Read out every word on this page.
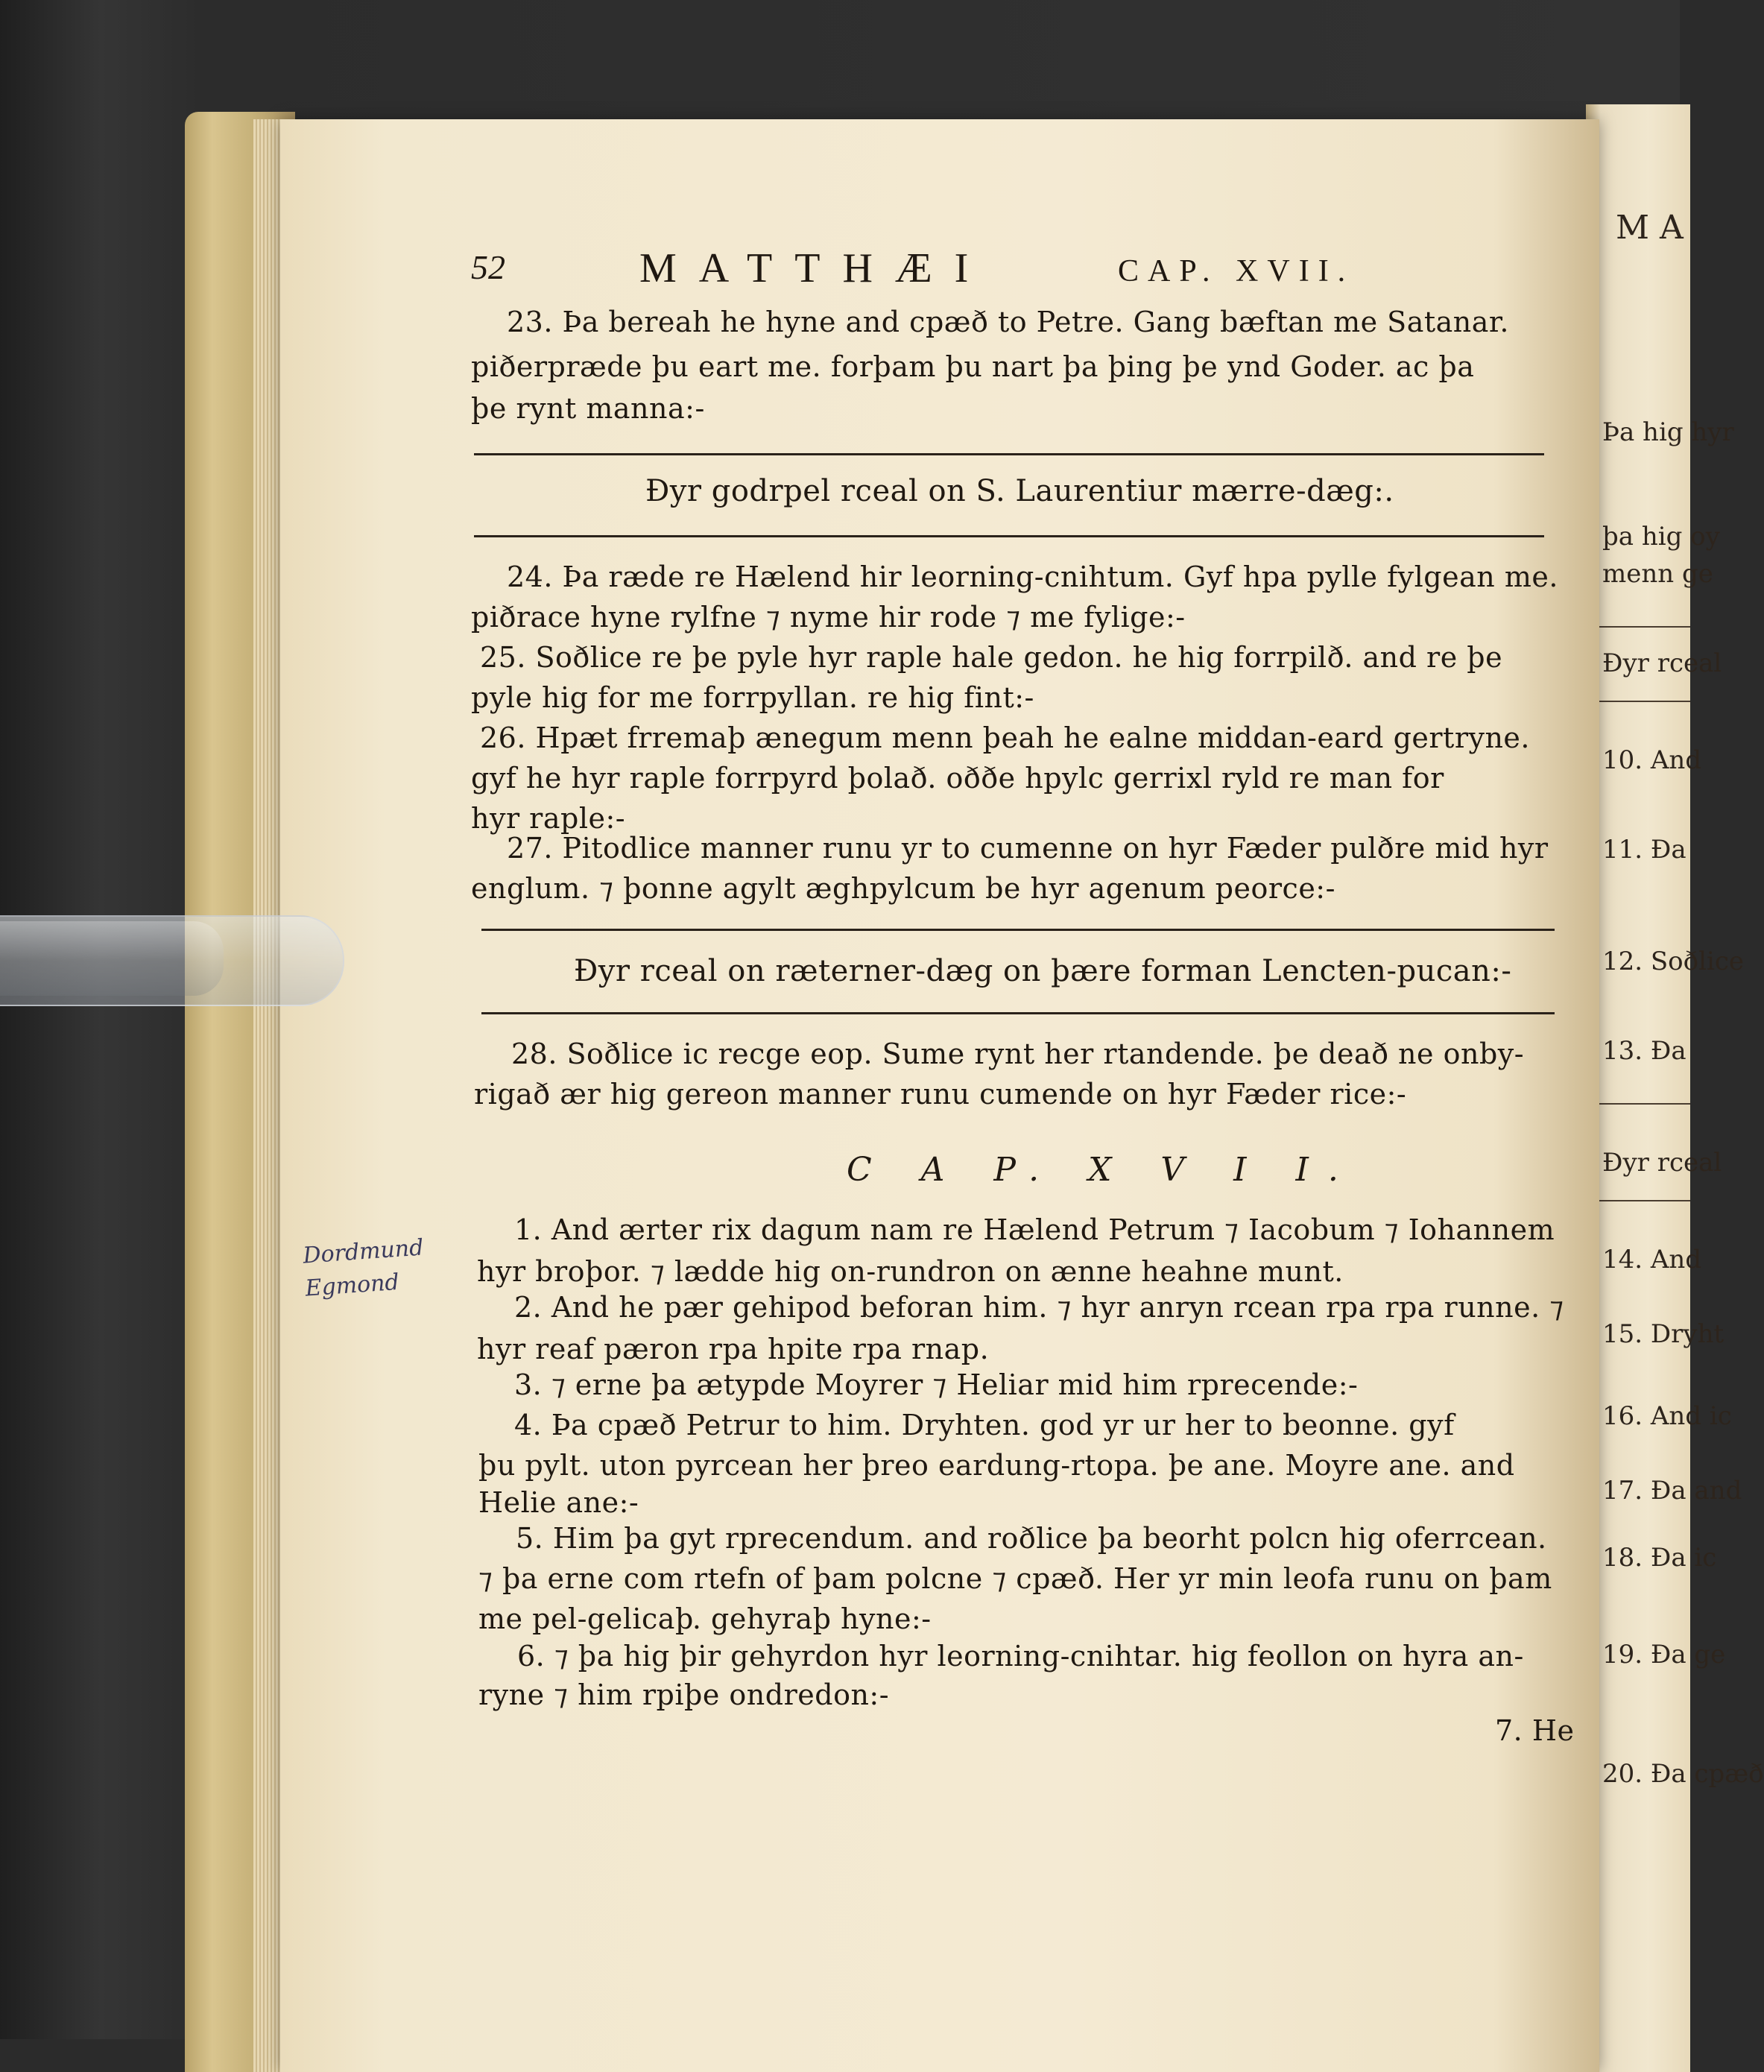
M A
Þa hig hyr
þa hig oy
menn ge
Ðyr rceal
10. And
11. Ða
12. Soðlice
13. Ða
Ðyr rceal
14. And
15. Dryht
16. And ic
17. Ða and
18. Ða ic
19. Ða ge
20. Ða cpæð
52	MATTHÆI	CAP. XVII.
23. Þa bereah he hyne and cpæð to Petre. Gang bæftan me Satanar.
piðerpræde þu eart me. forþam þu nart þa þing þe ynd Goder. ac þa
þe rynt manna:-
Ðyr godrpel rceal on S. Laurentiur mærre-dæg:.
24. Þa ræde re Hælend hir leorning-cnihtum. Gyf hpa pylle fylgean me.
piðrace hyne rylfne ⁊ nyme hir rode ⁊ me fylige:-
25. Soðlice re þe pyle hyr raple hale gedon. he hig forrpilð. and re þe
pyle hig for me forrpyllan. re hig fint:-
26. Hpæt frremaþ ænegum menn þeah he ealne middan-eard gertryne.
gyf he hyr raple forrpyrd þolað. oððe hpylc gerrixl ryld re man for
hyr raple:-
27. Pitodlice manner runu yr to cumenne on hyr Fæder pulðre mid hyr
englum. ⁊ þonne agylt æghpylcum be hyr agenum peorce:-
Ðyr rceal on ræterner-dæg on þære forman Lencten-pucan:-
28. Soðlice ic recge eop. Sume rynt her rtandende. þe deað ne onby-
rigað ær hig gereon manner runu cumende on hyr Fæder rice:-
C A P. X V I I.
1. And ærter rix dagum nam re Hælend Petrum ⁊ Iacobum ⁊ Iohannem
hyr broþor. ⁊ lædde hig on-rundron on ænne heahne munt.
2. And he pær gehipod beforan him. ⁊ hyr anryn rcean rpa rpa runne. ⁊
hyr reaf pæron rpa hpite rpa rnap.
3. ⁊ erne þa ætypde Moyrer ⁊ Heliar mid him rprecende:-
4. Þa cpæð Petrur to him. Dryhten. god yr ur her to beonne. gyf
þu pylt. uton pyrcean her þreo eardung-rtopa. þe ane. Moyre ane. and
Helie ane:-
5. Him þa gyt rprecendum. and roðlice þa beorht polcn hig oferrcean.
⁊ þa erne com rtefn of þam polcne ⁊ cpæð. Her yr min leofa runu on þam
me pel-gelicaþ. gehyraþ hyne:-
6. ⁊ þa hig þir gehyrdon hyr leorning-cnihtar. hig feollon on hyra an-
ryne ⁊ him rpiþe ondredon:-
7. He
Dordmund
Egmond
